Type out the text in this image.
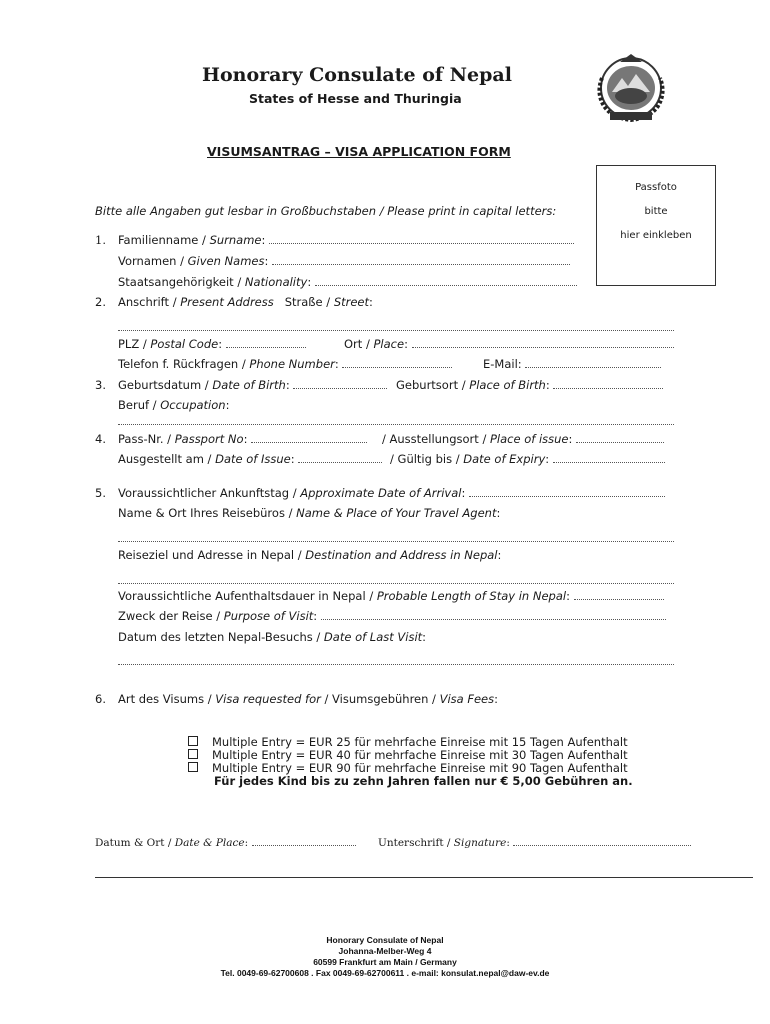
Honorary Consulate of Nepal
States of Hesse and Thuringia
VISUMSANTRAG – VISA APPLICATION FORM
Passfoto
bitte
hier einkleben
Bitte alle Angaben gut lesbar in Großbuchstaben / Please print in capital letters:
1. Familienname / Surname:
Vornamen / Given Names:
Staatsangehörigkeit / Nationality:
2. Anschrift / Present Address Straße / Street:
PLZ / Postal Code:	Ort / Place:
Telefon f. Rückfragen / Phone Number:	E-Mail:
3. Geburtsdatum / Date of Birth:	Geburtsort / Place of Birth:
Beruf / Occupation:
4. Pass-Nr. / Passport No:	/ Ausstellungsort / Place of issue:
Ausgestellt am / Date of Issue:	/ Gültig bis / Date of Expiry:
5. Voraussichtlicher Ankunftstag / Approximate Date of Arrival:
Name & Ort Ihres Reisebüros / Name & Place of Your Travel Agent:
Reiseziel und Adresse in Nepal / Destination and Address in Nepal:
Voraussichtliche Aufenthaltsdauer in Nepal / Probable Length of Stay in Nepal:
Zweck der Reise / Purpose of Visit:
Datum des letzten Nepal-Besuchs / Date of Last Visit:
6. Art des Visums / Visa requested for / Visumsgebühren / Visa Fees:
Multiple Entry = EUR 25 für mehrfache Einreise mit 15 Tagen Aufenthalt
Multiple Entry = EUR 40 für mehrfache Einreise mit 30 Tagen Aufenthalt
Multiple Entry = EUR 90 für mehrfache Einreise mit 90 Tagen Aufenthalt
Für jedes Kind bis zu zehn Jahren fallen nur € 5,00 Gebühren an.
Datum & Ort / Date & Place:	Unterschrift / Signature:
Honorary Consulate of Nepal
Johanna-Melber-Weg 4
60599 Frankfurt am Main / Germany
Tel. 0049-69-62700608 . Fax 0049-69-62700611 . e-mail: konsulat.nepal@daw-ev.de
